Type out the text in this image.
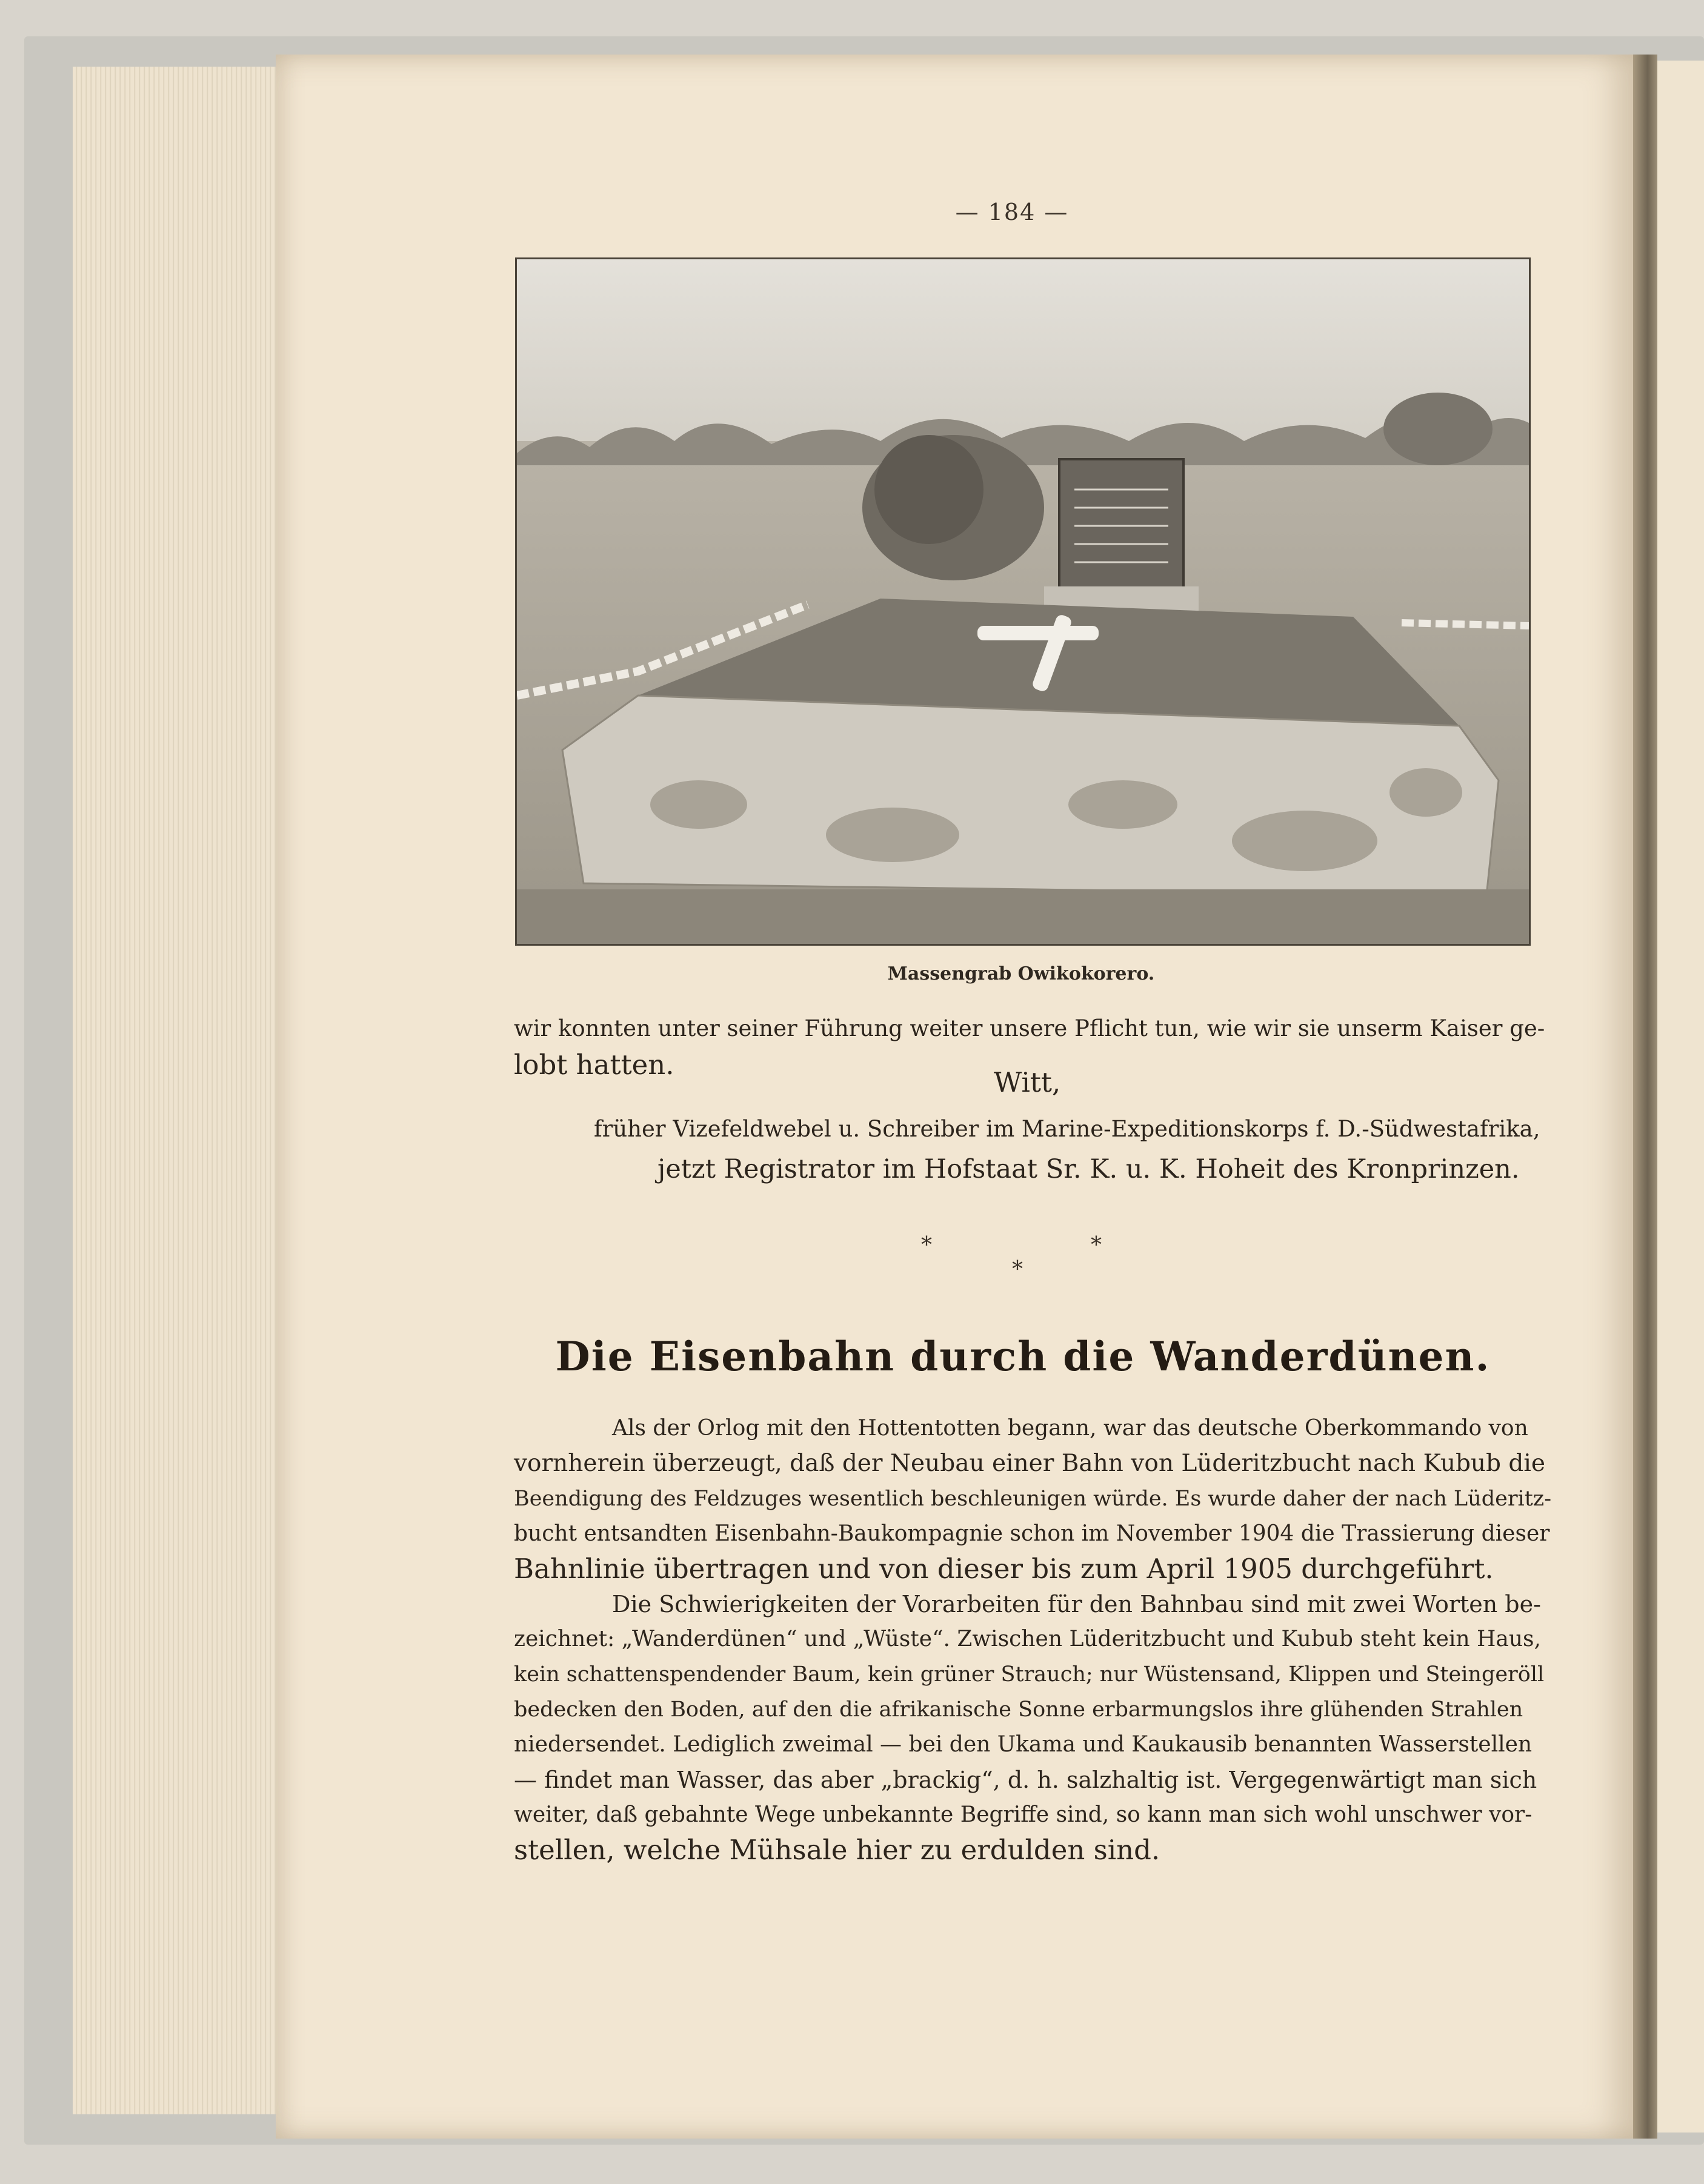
— 184 —
Massengrab Owikokorero.
wir konnten unter seiner Führung weiter unsere Pflicht tun, wie wir sie unserm Kaiser ge-
lobt hatten.
Witt,
früher Vizefeldwebel u. Schreiber im Marine-Expeditionskorps f. D.-Südwestafrika,
jetzt Registrator im Hofstaat Sr. K. u. K. Hoheit des Kronprinzen.
*
*
*
Die Eisenbahn durch die Wanderdünen.
Als der Orlog mit den Hottentotten begann, war das deutsche Oberkommando von
vornherein überzeugt, daß der Neubau einer Bahn von Lüderitzbucht nach Kubub die
Beendigung des Feldzuges wesentlich beschleunigen würde. Es wurde daher der nach Lüderitz-
bucht entsandten Eisenbahn-Baukompagnie schon im November 1904 die Trassierung dieser
Bahnlinie übertragen und von dieser bis zum April 1905 durchgeführt.
Die Schwierigkeiten der Vorarbeiten für den Bahnbau sind mit zwei Worten be-
zeichnet: „Wanderdünen“ und „Wüste“. Zwischen Lüderitzbucht und Kubub steht kein Haus,
kein schattenspendender Baum, kein grüner Strauch; nur Wüstensand, Klippen und Steingeröll
bedecken den Boden, auf den die afrikanische Sonne erbarmungslos ihre glühenden Strahlen
niedersendet. Lediglich zweimal — bei den Ukama und Kaukausib benannten Wasserstellen
— findet man Wasser, das aber „brackig“, d. h. salzhaltig ist. Vergegenwärtigt man sich
weiter, daß gebahnte Wege unbekannte Begriffe sind, so kann man sich wohl unschwer vor-
stellen, welche Mühsale hier zu erdulden sind.
